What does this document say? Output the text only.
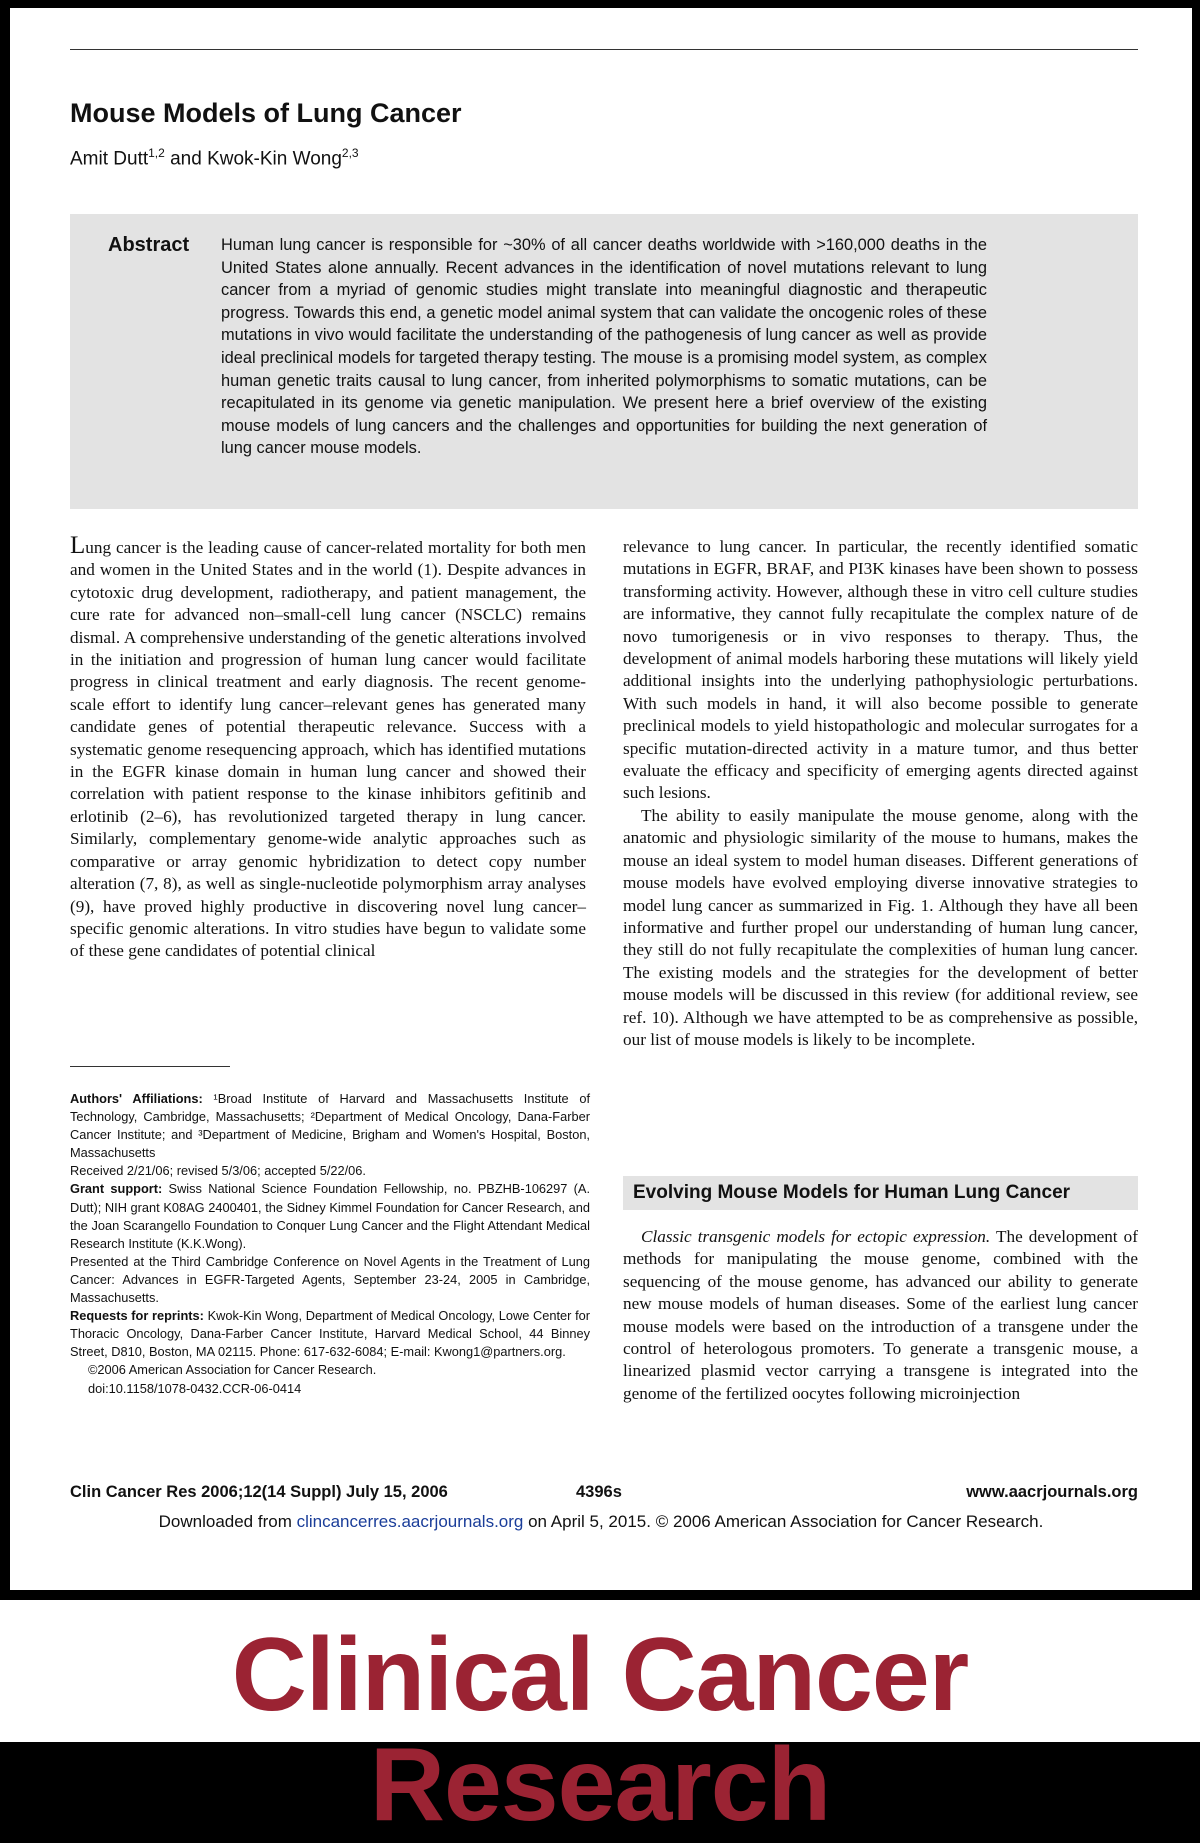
Mouse Models of Lung Cancer
Amit Dutt$^{1,2}$ and Kwok-Kin Wong$^{2,3}$
Abstract Human lung cancer is responsible for ~30% of all cancer deaths worldwide with >160,000 deaths in the United States alone annually. Recent advances in the identification of novel mutations relevant to lung cancer from a myriad of genomic studies might translate into meaningful diagnostic and therapeutic progress. Towards this end, a genetic model animal system that can validate the oncogenic roles of these mutations in vivo would facilitate the understanding of the pathogenesis of lung cancer as well as provide ideal preclinical models for targeted therapy testing. The mouse is a promising model system, as complex human genetic traits causal to lung cancer, from inherited polymorphisms to somatic mutations, can be recapitulated in its genome via genetic manipulation. We present here a brief overview of the existing mouse models of lung cancers and the challenges and opportunities for building the next generation of lung cancer mouse models.

Lung cancer is the leading cause of cancer-related mortality for both men and women in the United States and in the world (1). Despite advances in cytotoxic drug development, radiotherapy, and patient management, the cure rate for advanced non–small-cell lung cancer (NSCLC) remains dismal. A comprehensive understanding of the genetic alterations involved in the initiation and progression of human lung cancer would facilitate progress in clinical treatment and early diagnosis. The recent genome-scale effort to identify lung cancer–relevant genes has generated many candidate genes of potential therapeutic relevance. Success with a systematic genome resequencing approach, which has identified mutations in the EGFR kinase domain in human lung cancer and showed their correlation with patient response to the kinase inhibitors gefitinib and erlotinib (2–6), has revolutionized targeted therapy in lung cancer. Similarly, complementary genome-wide analytic approaches such as comparative or array genomic hybridization to detect copy number alteration (7, 8), as well as single-nucleotide polymorphism array analyses (9), have proved highly productive in discovering novel lung cancer–specific genomic alterations. In vitro studies have begun to validate some of these gene candidates of potential clinical

Authors' Affiliations: ¹Broad Institute of Harvard and Massachusetts Institute of Technology, Cambridge, Massachusetts; ²Department of Medical Oncology, Dana-Farber Cancer Institute; and ³Department of Medicine, Brigham and Women's Hospital, Boston, Massachusetts

Received 2/21/06; revised 5/3/06; accepted 5/22/06.

Grant support: Swiss National Science Foundation Fellowship, no. PBZHB-106297 (A. Dutt); NIH grant K08AG 2400401, the Sidney Kimmel Foundation for Cancer Research, and the Joan Scarangello Foundation to Conquer Lung Cancer and the Flight Attendant Medical Research Institute (K.K.Wong).

Presented at the Third Cambridge Conference on Novel Agents in the Treatment of Lung Cancer: Advances in EGFR-Targeted Agents, September 23-24, 2005 in Cambridge, Massachusetts.

Requests for reprints: Kwok-Kin Wong, Department of Medical Oncology, Lowe Center for Thoracic Oncology, Dana-Farber Cancer Institute, Harvard Medical School, 44 Binney Street, D810, Boston, MA 02115. Phone: 617-632-6084; E-mail: Kwong1@partners.org.

©2006 American Association for Cancer Research.

doi:10.1158/1078-0432.CCR-06-0414

relevance to lung cancer. In particular, the recently identified somatic mutations in EGFR, BRAF, and PI3K kinases have been shown to possess transforming activity. However, although these in vitro cell culture studies are informative, they cannot fully recapitulate the complex nature of de novo tumorigenesis or in vivo responses to therapy. Thus, the development of animal models harboring these mutations will likely yield additional insights into the underlying pathophysiologic perturbations. With such models in hand, it will also become possible to generate preclinical models to yield histopathologic and molecular surrogates for a specific mutation-directed activity in a mature tumor, and thus better evaluate the efficacy and specificity of emerging agents directed against such lesions.

The ability to easily manipulate the mouse genome, along with the anatomic and physiologic similarity of the mouse to humans, makes the mouse an ideal system to model human diseases. Different generations of mouse models have evolved employing diverse innovative strategies to model lung cancer as summarized in Fig. 1. Although they have all been informative and further propel our understanding of human lung cancer, they still do not fully recapitulate the complexities of human lung cancer. The existing models and the strategies for the development of better mouse models will be discussed in this review (for additional review, see ref. 10). Although we have attempted to be as comprehensive as possible, our list of mouse models is likely to be incomplete.

Evolving Mouse Models for Human Lung Cancer

Classic transgenic models for ectopic expression. The development of methods for manipulating the mouse genome, combined with the sequencing of the mouse genome, has advanced our ability to generate new mouse models of human diseases. Some of the earliest lung cancer mouse models were based on the introduction of a transgene under the control of heterologous promoters. To generate a transgenic mouse, a linearized plasmid vector carrying a transgene is integrated into the genome of the fertilized oocytes following microinjection

Clin Cancer Res 2006;12(14 Suppl) July 15, 2006	4396s	www.aacrjournals.org
Downloaded from clincancerres.aacrjournals.org on April 5, 2015. © 2006 American Association for Cancer Research.
Clinical Cancer Research
